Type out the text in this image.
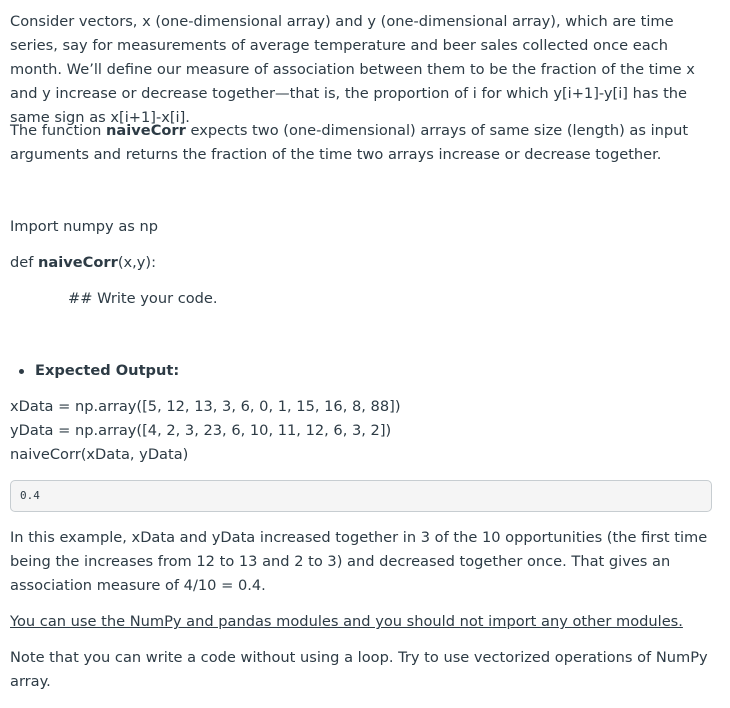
Consider vectors, x (one-dimensional array) and y (one-dimensional array), which are time series, say for measurements of average temperature and beer sales collected once each month. We’ll define our measure of association between them to be the fraction of the time x and y increase or decrease together—that is, the proportion of i for which y[i+1]-y[i] has the same sign as x[i+1]-x[i].

The function naiveCorr expects two (one-dimensional) arrays of same size (length) as input arguments and returns the fraction of the time two arrays increase or decrease together.

Import numpy as np

def naiveCorr(x,y):

## Write your code.

Expected Output:

xData = np.array([5, 12, 13, 3, 6, 0, 1, 15, 16, 8, 88])

yData = np.array([4, 2, 3, 23, 6, 10, 11, 12, 6, 3, 2])

naiveCorr(xData, yData)

0.4

In this example, xData and yData increased together in 3 of the 10 opportunities (the first time being the increases from 12 to 13 and 2 to 3) and decreased together once. That gives an association measure of 4/10 = 0.4.

You can use the NumPy and pandas modules and you should not import any other modules.

Note that you can write a code without using a loop. Try to use vectorized operations of NumPy array.
